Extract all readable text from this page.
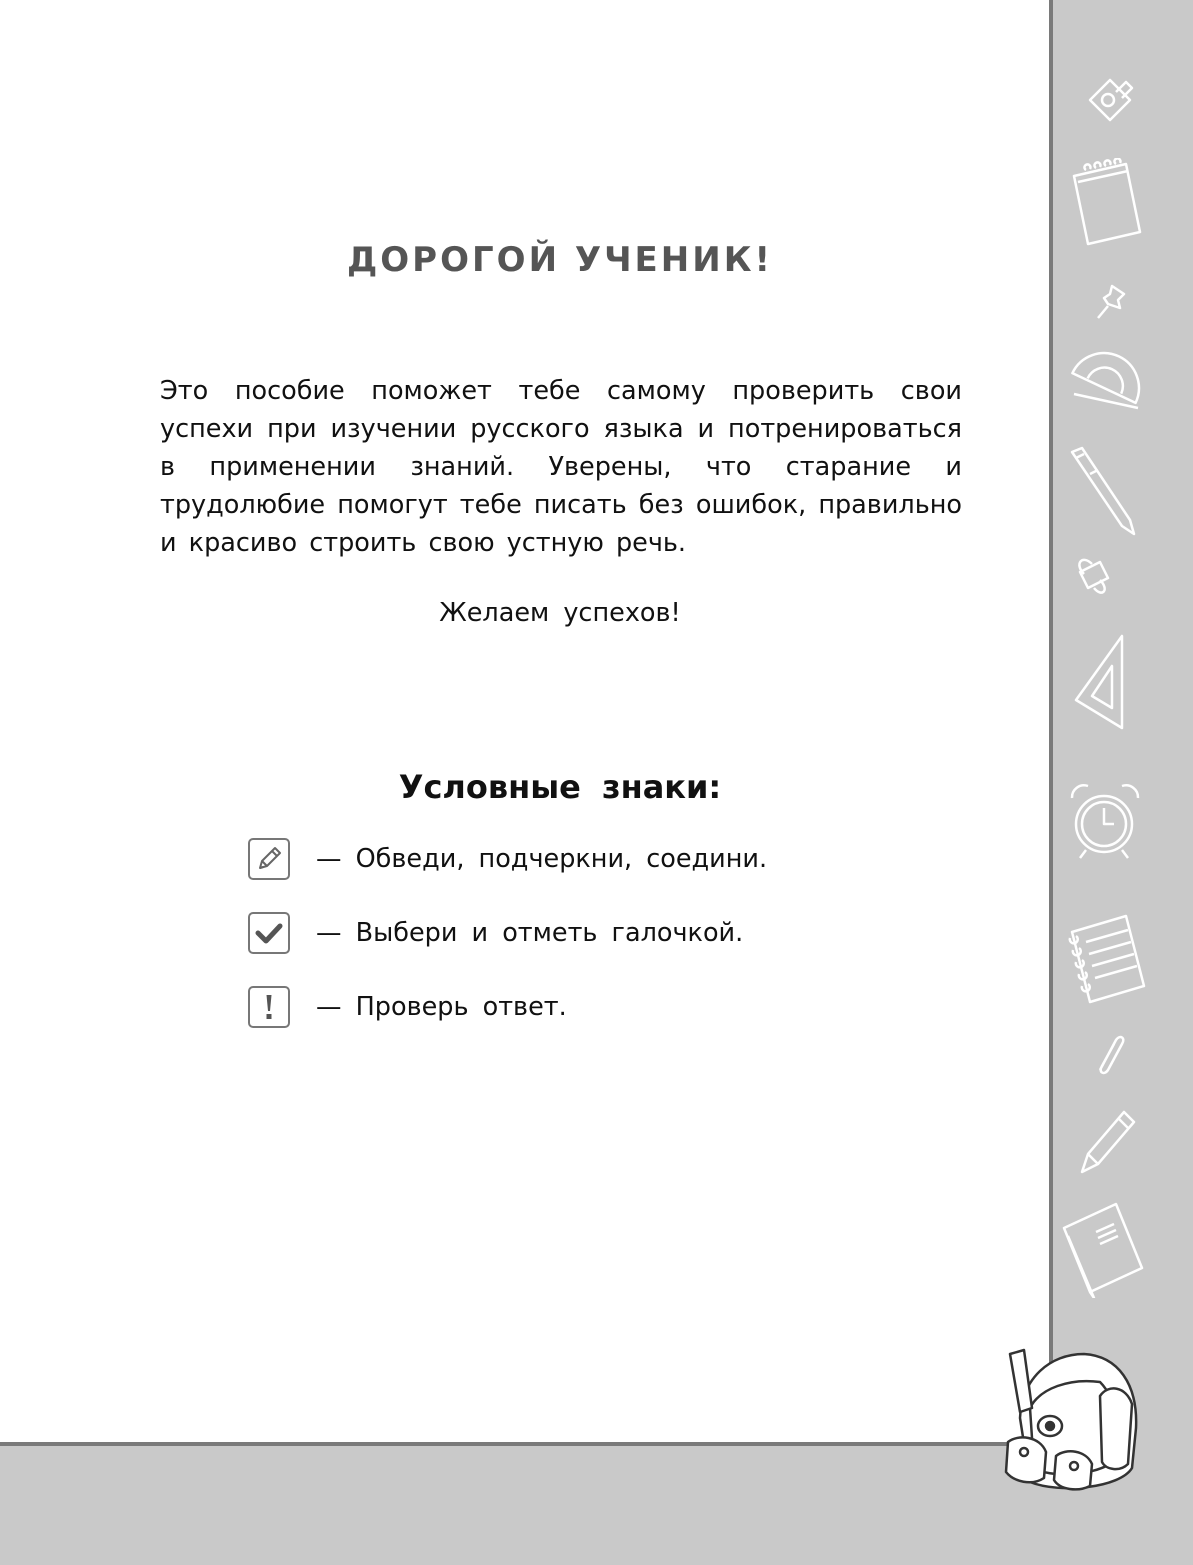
ДОРОГОЙ УЧЕНИК!

Это пособие поможет тебе самому проверить свои успехи при изучении русского языка и потренироваться в применении знаний. Уверены, что старание и трудолюбие помогут тебе писать без ошибок, правильно и красиво строить свою устную речь.

Желаем успехов!

Условные знаки:
— Обведи, подчеркни, соедини.
— Выбери и отметь галочкой.
— Проверь ответ.
